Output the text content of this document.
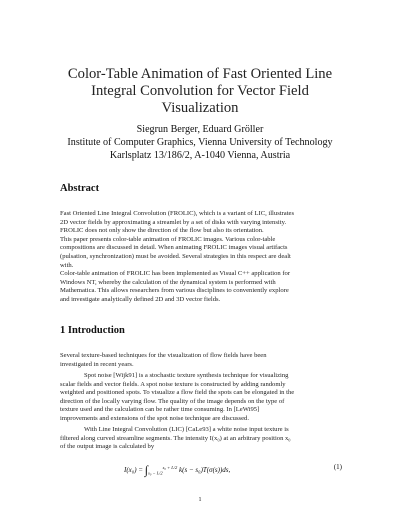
Color-Table Animation of Fast Oriented Line
Integral Convolution for Vector Field
Visualization
Siegrun Berger, Eduard Gröller
Institute of Computer Graphics, Vienna University of Technology
Karlsplatz 13/186/2, A-1040 Vienna, Austria
Abstract
Fast Oriented Line Integral Convolution (FROLIC), which is a variant of LIC, illustrates
2D vector fields by approximating a streamlet by a set of disks with varying intensity.
FROLIC does not only show the direction of the flow but also its orientation.
This paper presents color-table animation of FROLIC images. Various color-table
compositions are discussed in detail. When animating FROLIC images visual artifacts
(pulsation, synchronization) must be avoided. Several strategies in this respect are dealt
with.
Color-table animation of FROLIC has been implemented as Visual C++ application for
Windows NT, whereby the calculation of the dynamical system is performed with
Mathematica. This allows researchers from various disciplines to conveniently explore
and investigate analytically defined 2D and 3D vector fields.
1 Introduction
Several texture-based techniques for the visualization of flow fields have been
investigated in recent years.
Spot noise [Wijk91] is a stochastic texture synthesis technique for visualizing
scalar fields and vector fields. A spot noise texture is constructed by adding randomly
weighted and positioned spots. To visualize a flow field the spots can be elongated in the
direction of the locally varying flow. The quality of the image depends on the type of
texture used and the calculation can be rather time consuming. In [LeWi95]
improvements and extensions of the spot noise technique are discussed.
With Line Integral Convolution (LIC) [CaLe93] a white noise input texture is
filtered along curved streamline segments. The intensity I(x₀) at an arbitrary position x₀
of the output image is calculated by
$I(x_0) = \int_{s_0 - L/2}^{s_0 + L/2}$ k(s − s₀)T(σ(s))ds,	(1)
1
